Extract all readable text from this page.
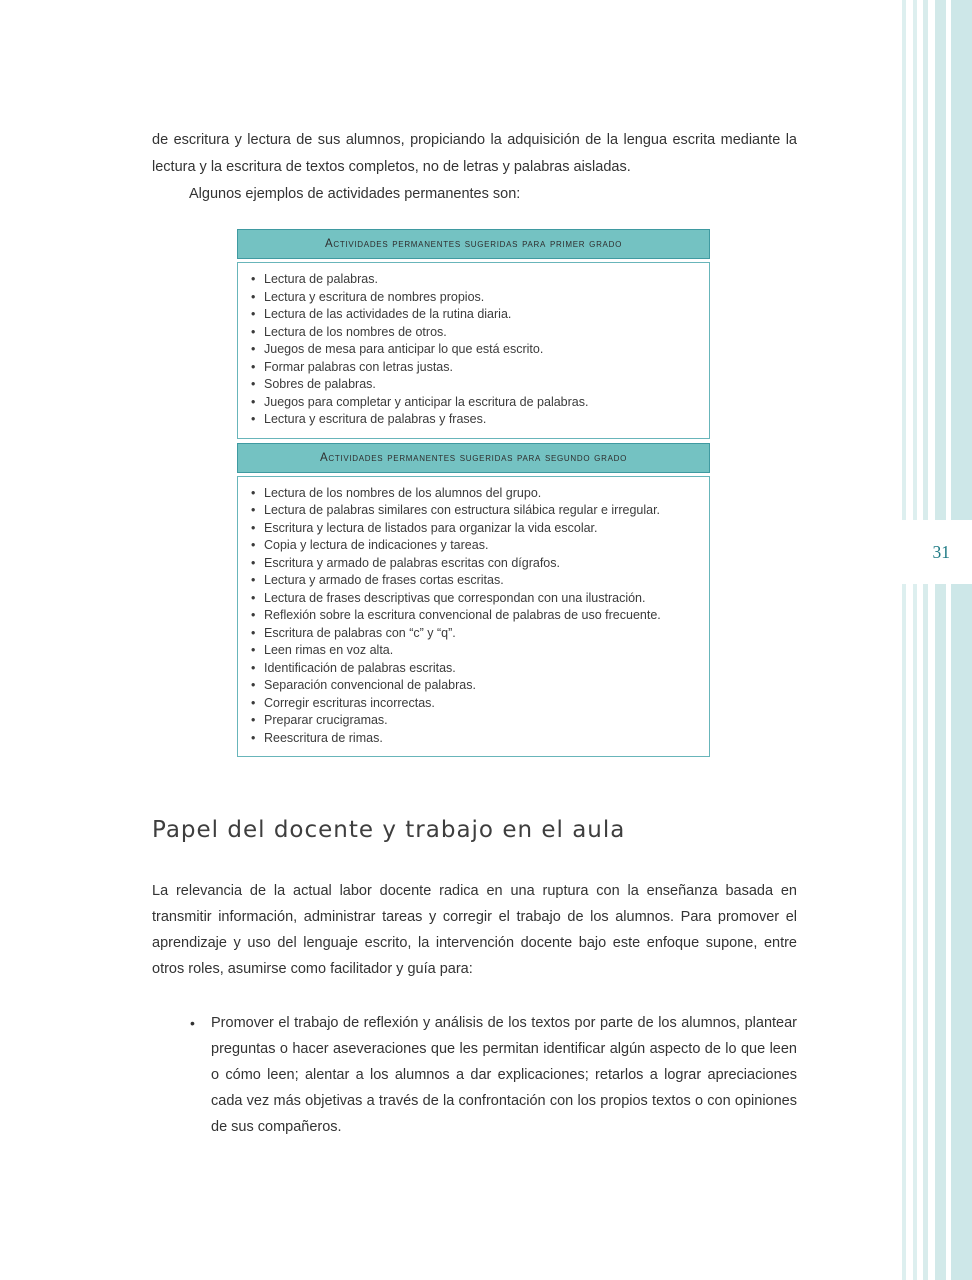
31

de escritura y lectura de sus alumnos, propiciando la adquisición de la lengua escrita mediante la lectura y la escritura de textos completos, no de letras y palabras aisladas.

Algunos ejemplos de actividades permanentes son:

Actividades permanentes sugeridas para primer grado
• Lectura de palabras.
• Lectura y escritura de nombres propios.
• Lectura de las actividades de la rutina diaria.
• Lectura de los nombres de otros.
• Juegos de mesa para anticipar lo que está escrito.
• Formar palabras con letras justas.
• Sobres de palabras.
• Juegos para completar y anticipar la escritura de palabras.
• Lectura y escritura de palabras y frases.
Actividades permanentes sugeridas para segundo grado
• Lectura de los nombres de los alumnos del grupo.
• Lectura de palabras similares con estructura silábica regular e irregular.
• Escritura y lectura de listados para organizar la vida escolar.
• Copia y lectura de indicaciones y tareas.
• Escritura y armado de palabras escritas con dígrafos.
• Lectura y armado de frases cortas escritas.
• Lectura de frases descriptivas que correspondan con una ilustración.
• Reflexión sobre la escritura convencional de palabras de uso frecuente.
• Escritura de palabras con “c” y “q”.
• Leen rimas en voz alta.
• Identificación de palabras escritas.
• Separación convencional de palabras.
• Corregir escrituras incorrectas.
• Preparar crucigramas.
• Reescritura de rimas.
Papel del docente y trabajo en el aula

La relevancia de la actual labor docente radica en una ruptura con la enseñanza basada en transmitir información, administrar tareas y corregir el trabajo de los alumnos. Para promover el aprendizaje y uso del lenguaje escrito, la intervención docente bajo este enfoque supone, entre otros roles, asumirse como facilitador y guía para:

•	Promover el trabajo de reflexión y análisis de los textos por parte de los alumnos, plantear preguntas o hacer aseveraciones que les permitan identificar algún aspecto de lo que leen o cómo leen; alentar a los alumnos a dar explicaciones; retarlos a lograr apreciaciones cada vez más objetivas a través de la confrontación con los propios textos o con opiniones de sus compañeros.
